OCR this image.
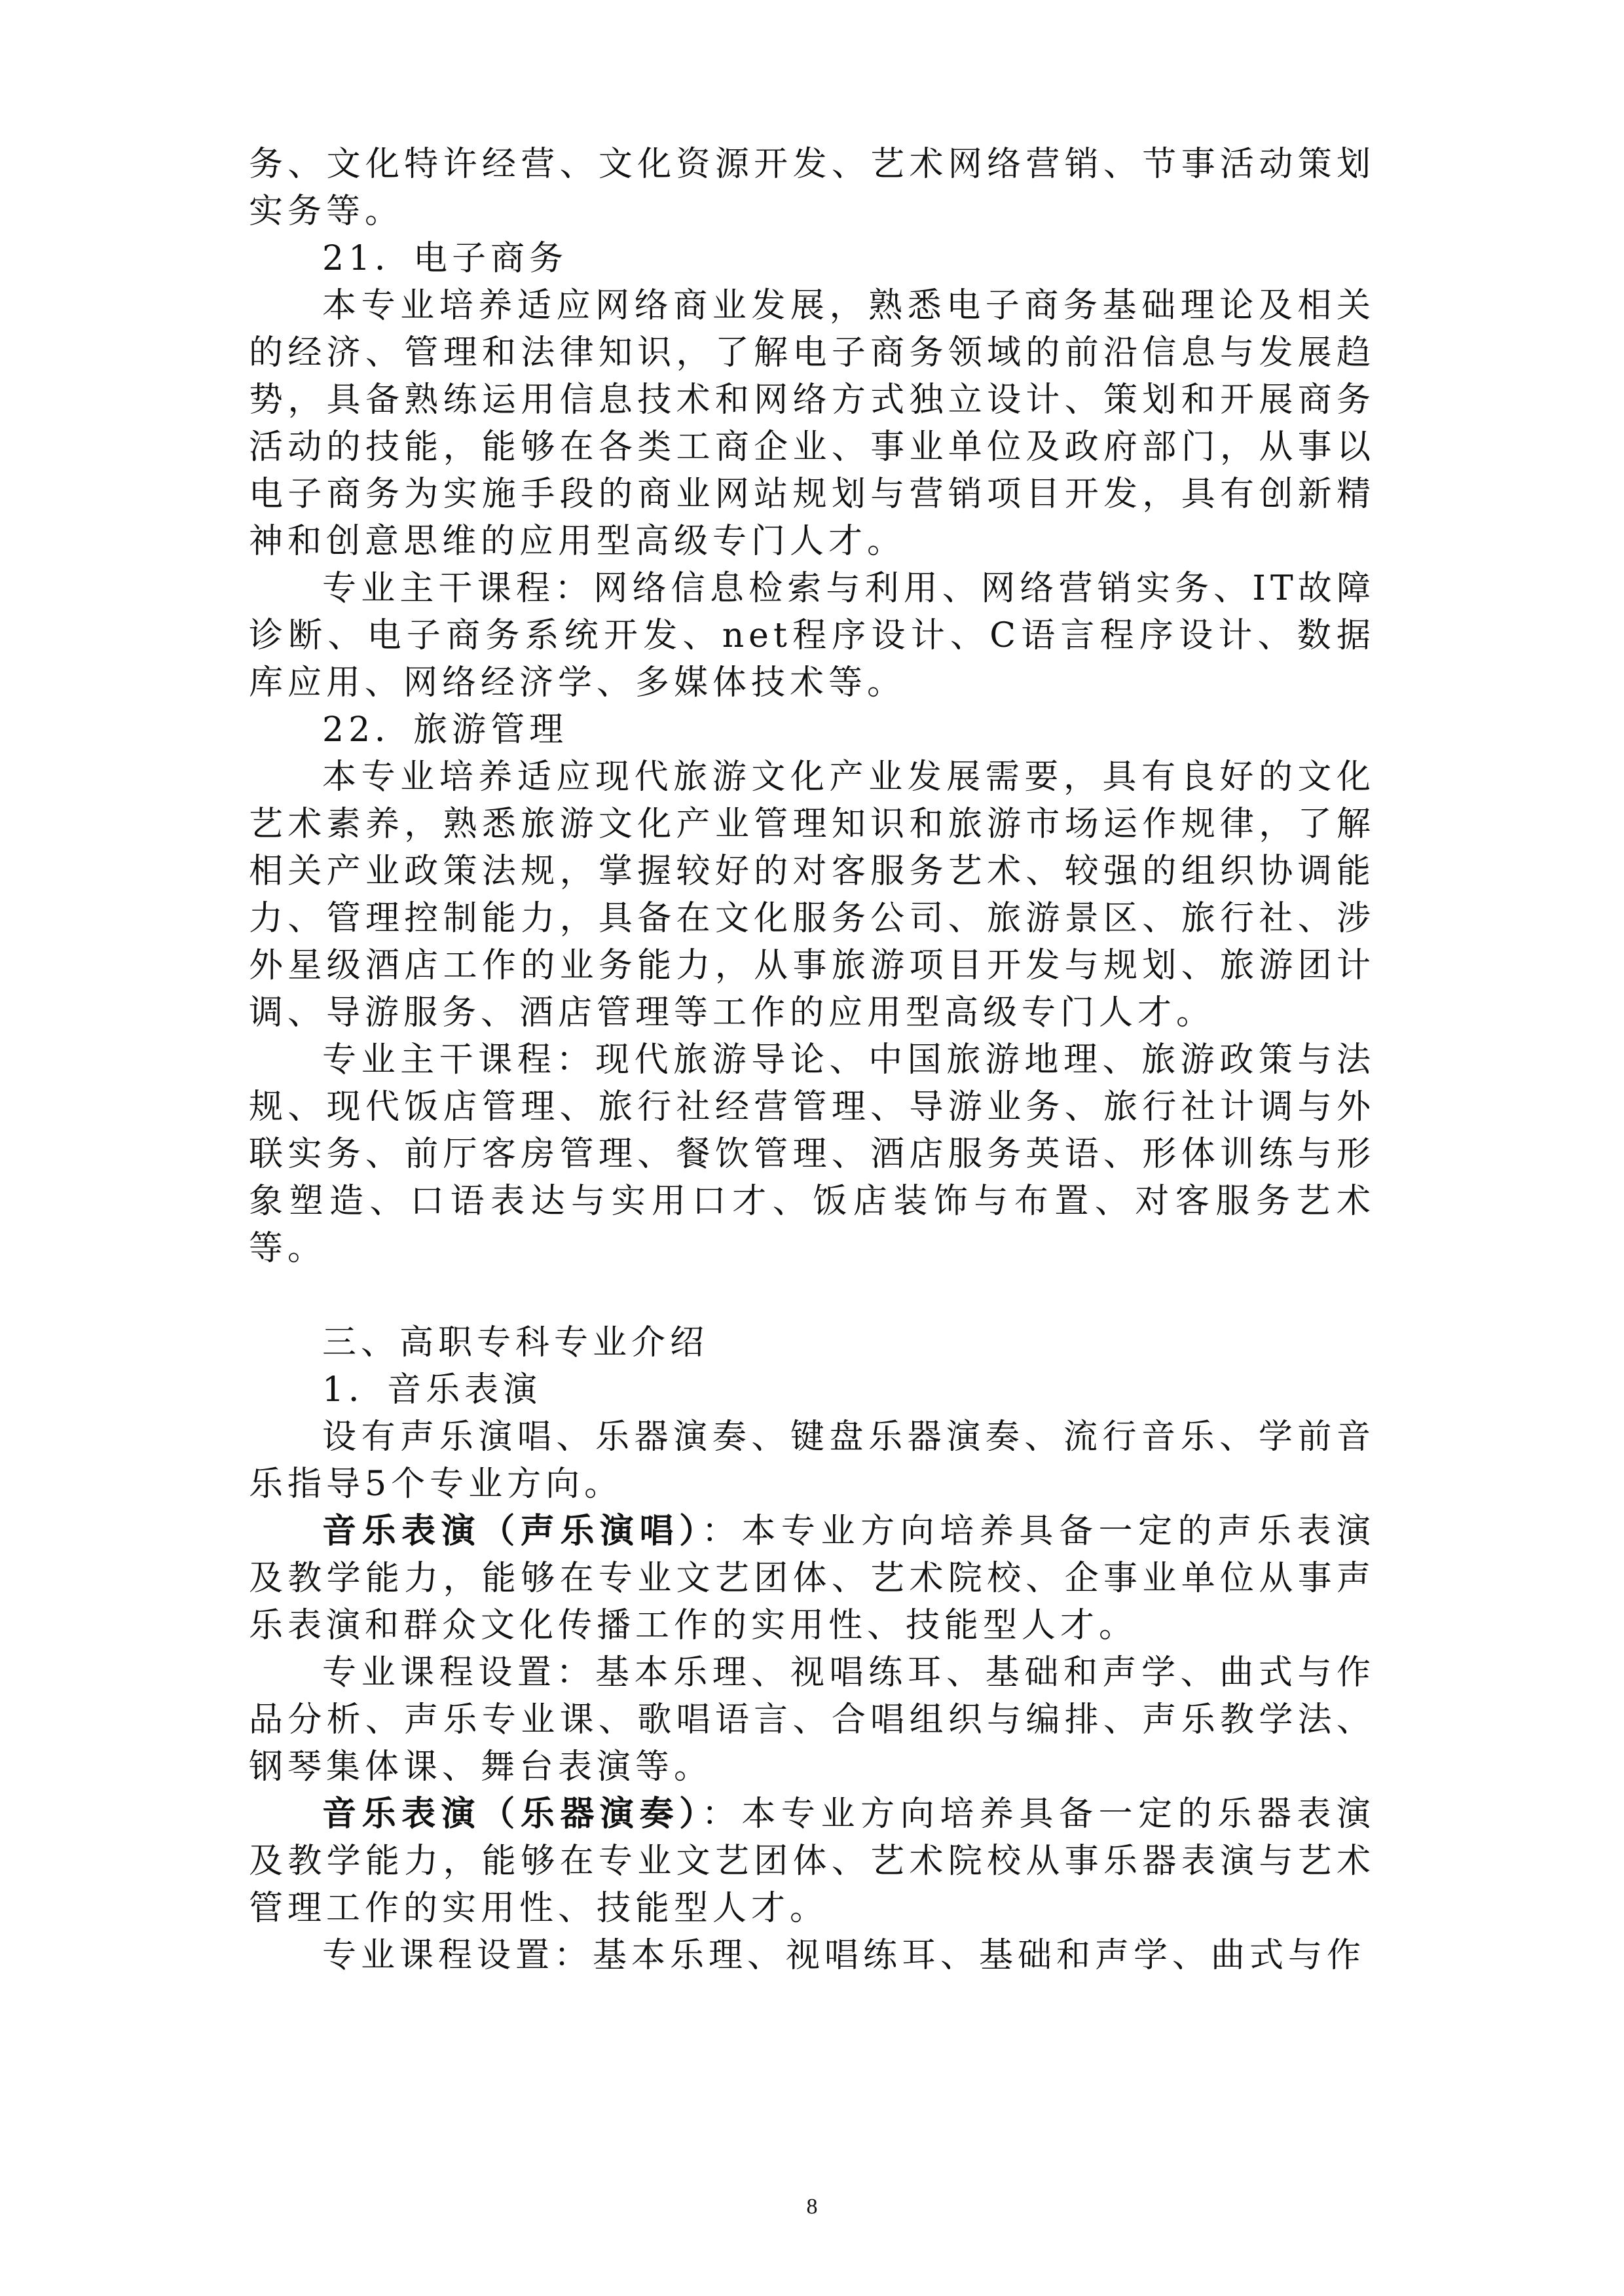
务、文化特许经营、文化资源开发、艺术网络营销、节事活动策划实务等。

21．电子商务

本专业培养适应网络商业发展，熟悉电子商务基础理论及相关的经济、管理和法律知识，了解电子商务领域的前沿信息与发展趋势，具备熟练运用信息技术和网络方式独立设计、策划和开展商务活动的技能，能够在各类工商企业、事业单位及政府部门，从事以电子商务为实施手段的商业网站规划与营销项目开发，具有创新精神和创意思维的应用型高级专门人才。

专业主干课程：网络信息检索与利用、网络营销实务、IT故障诊断、电子商务系统开发、net程序设计、C语言程序设计、数据库应用、网络经济学、多媒体技术等。

22．旅游管理

本专业培养适应现代旅游文化产业发展需要，具有良好的文化艺术素养，熟悉旅游文化产业管理知识和旅游市场运作规律，了解相关产业政策法规，掌握较好的对客服务艺术、较强的组织协调能力、管理控制能力，具备在文化服务公司、旅游景区、旅行社、涉外星级酒店工作的业务能力，从事旅游项目开发与规划、旅游团计调、导游服务、酒店管理等工作的应用型高级专门人才。

专业主干课程：现代旅游导论、中国旅游地理、旅游政策与法规、现代饭店管理、旅行社经营管理、导游业务、旅行社计调与外联实务、前厅客房管理、餐饮管理、酒店服务英语、形体训练与形象塑造、口语表达与实用口才、饭店装饰与布置、对客服务艺术等。

三、高职专科专业介绍

1．音乐表演

设有声乐演唱、乐器演奏、键盘乐器演奏、流行音乐、学前音乐指导5个专业方向。

音乐表演（声乐演唱）：本专业方向培养具备一定的声乐表演及教学能力，能够在专业文艺团体、艺术院校、企事业单位从事声乐表演和群众文化传播工作的实用性、技能型人才。

专业课程设置：基本乐理、视唱练耳、基础和声学、曲式与作品分析、声乐专业课、歌唱语言、合唱组织与编排、声乐教学法、钢琴集体课、舞台表演等。

音乐表演（乐器演奏）：本专业方向培养具备一定的乐器表演及教学能力，能够在专业文艺团体、艺术院校从事乐器表演与艺术管理工作的实用性、技能型人才。

专业课程设置：基本乐理、视唱练耳、基础和声学、曲式与作

8
